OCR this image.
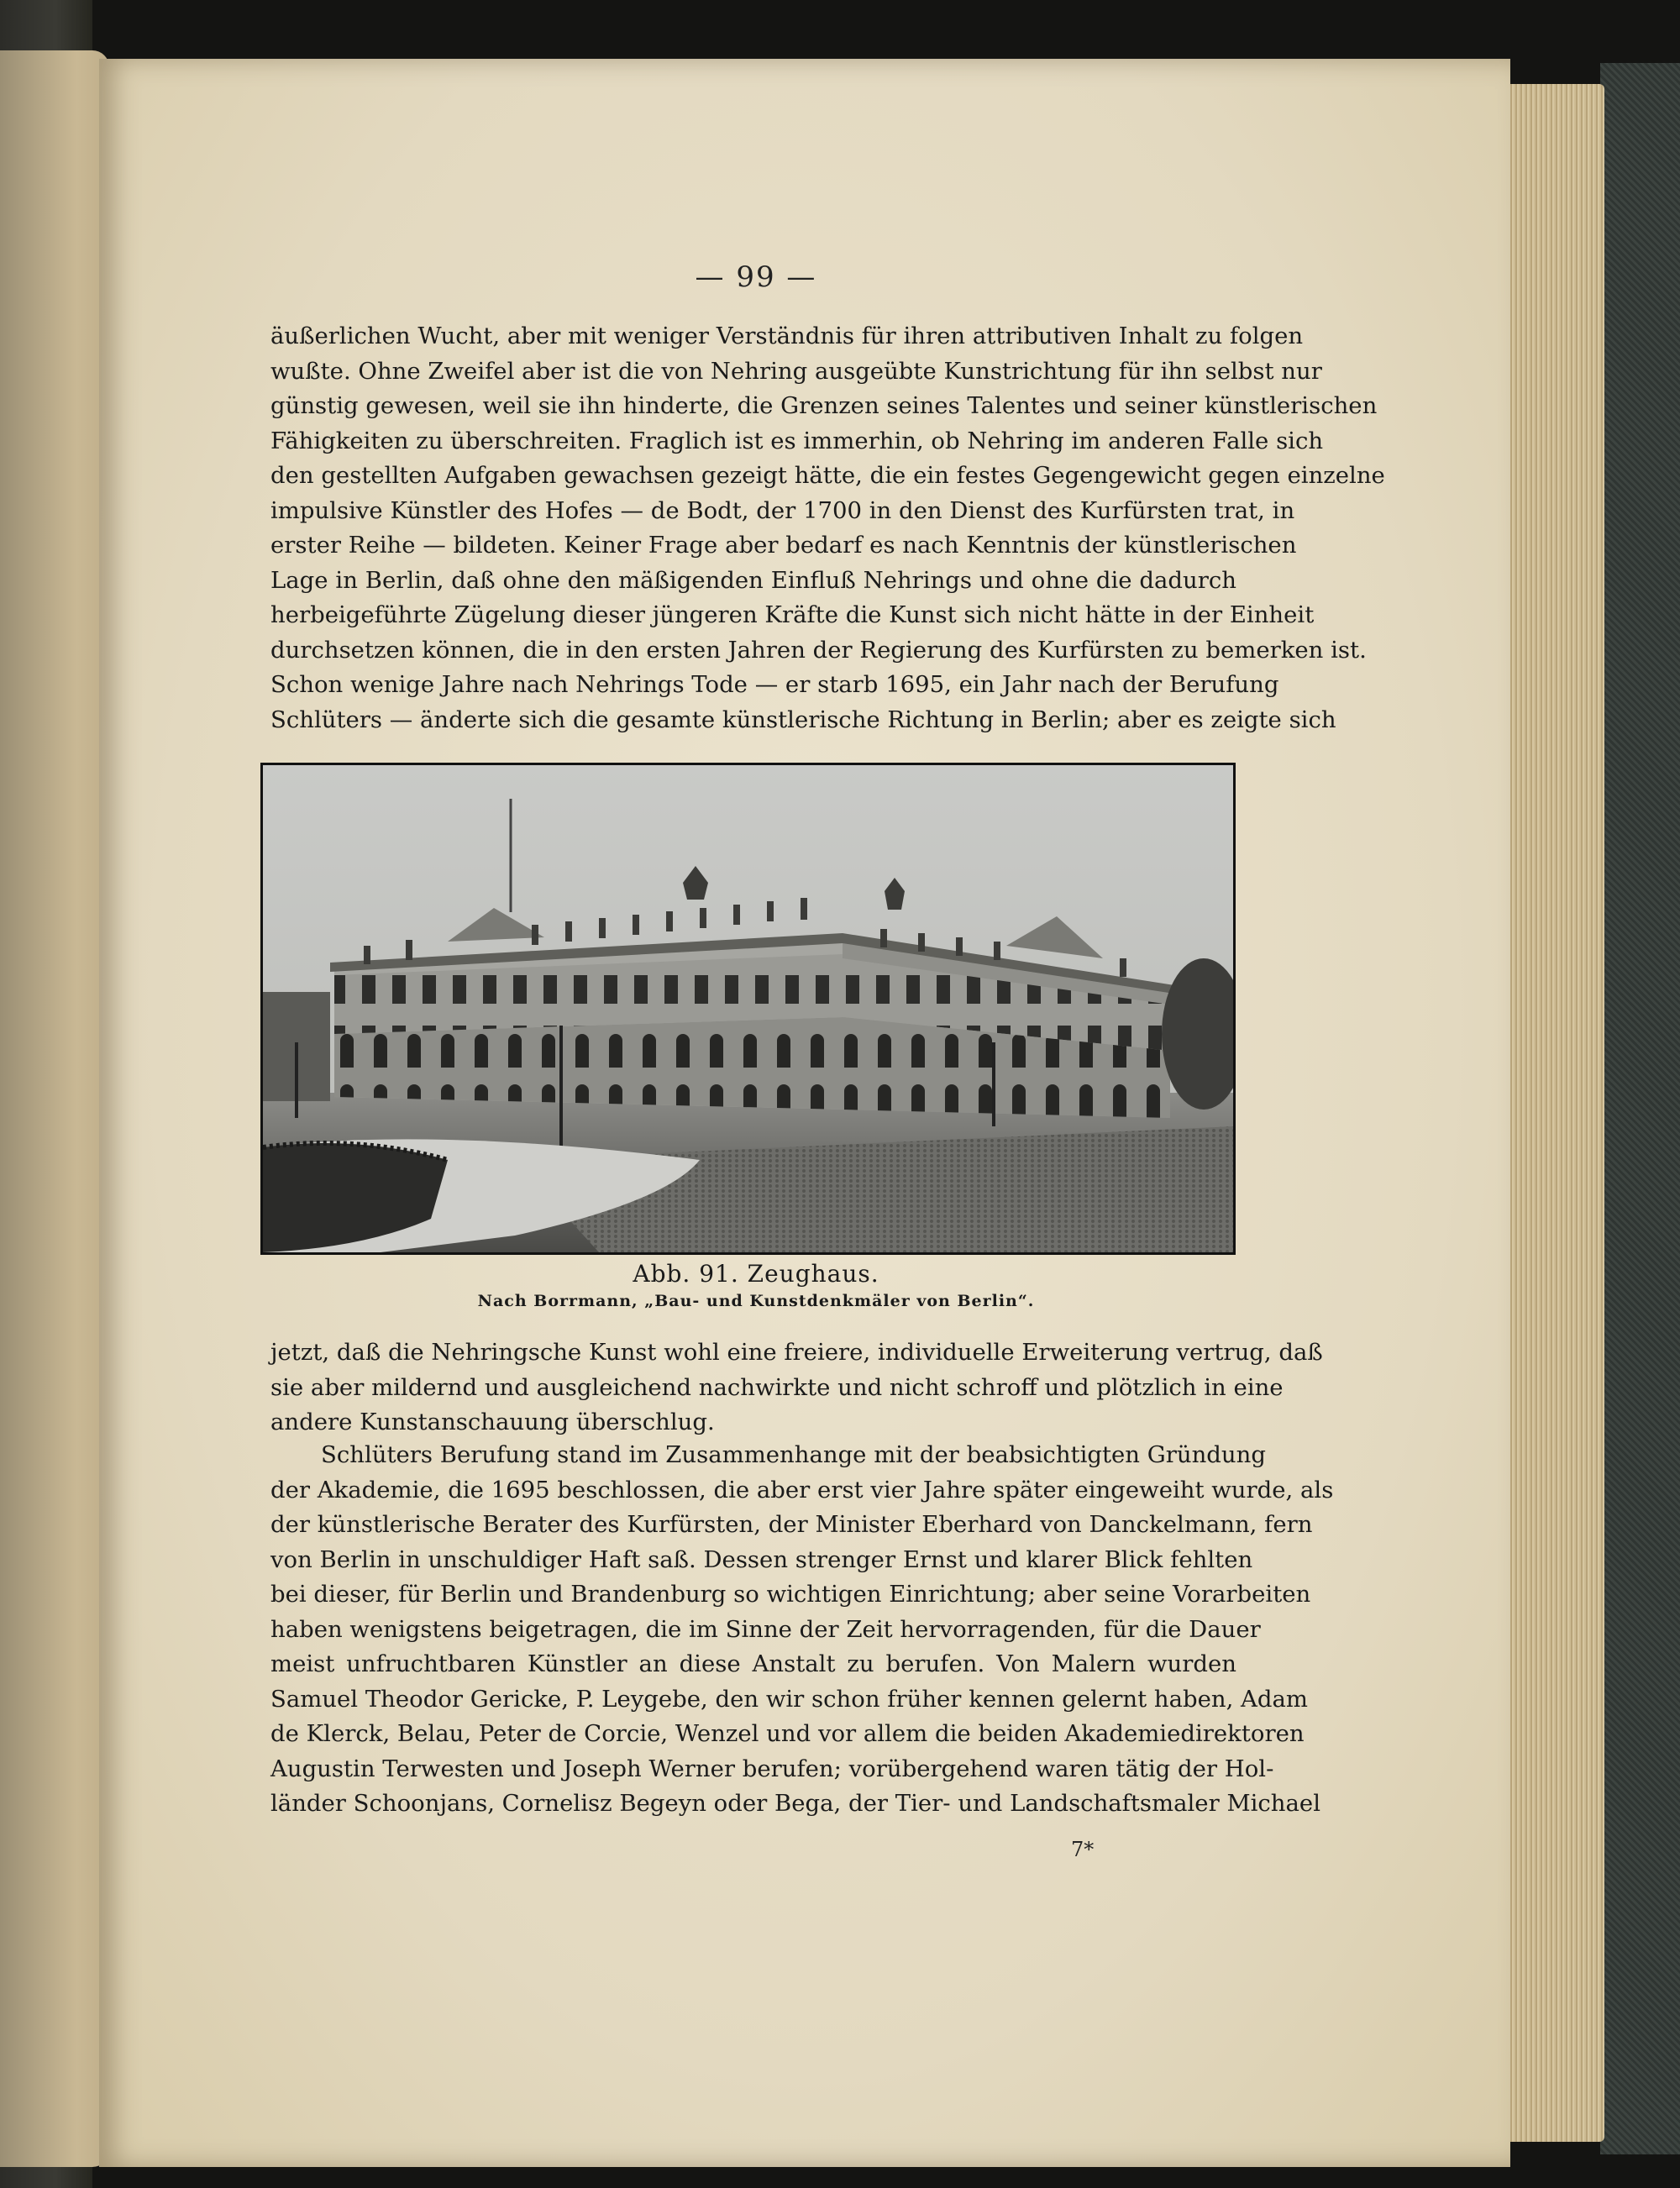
— 99 —
äußerlichen Wucht, aber mit weniger Verständnis für ihren attributiven Inhalt zu folgen
wußte. Ohne Zweifel aber ist die von Nehring ausgeübte Kunstrichtung für ihn selbst nur
günstig gewesen, weil sie ihn hinderte, die Grenzen seines Talentes und seiner künstlerischen
Fähigkeiten zu überschreiten. Fraglich ist es immerhin, ob Nehring im anderen Falle sich
den gestellten Aufgaben gewachsen gezeigt hätte, die ein festes Gegengewicht gegen einzelne
impulsive Künstler des Hofes — de Bodt, der 1700 in den Dienst des Kurfürsten trat, in
erster Reihe — bildeten. Keiner Frage aber bedarf es nach Kenntnis der künstlerischen
Lage in Berlin, daß ohne den mäßigenden Einfluß Nehrings und ohne die dadurch
herbeigeführte Zügelung dieser jüngeren Kräfte die Kunst sich nicht hätte in der Einheit
durchsetzen können, die in den ersten Jahren der Regierung des Kurfürsten zu bemerken ist.
Schon wenige Jahre nach Nehrings Tode — er starb 1695, ein Jahr nach der Berufung
Schlüters — änderte sich die gesamte künstlerische Richtung in Berlin; aber es zeigte sich
Abb. 91. Zeughaus.
Nach Borrmann, „Bau- und Kunstdenkmäler von Berlin“.
jetzt, daß die Nehringsche Kunst wohl eine freiere, individuelle Erweiterung vertrug, daß
sie aber mildernd und ausgleichend nachwirkte und nicht schroff und plötzlich in eine
andere Kunstanschauung überschlug.
Schlüters Berufung stand im Zusammenhange mit der beabsichtigten Gründung
der Akademie, die 1695 beschlossen, die aber erst vier Jahre später eingeweiht wurde, als
der künstlerische Berater des Kurfürsten, der Minister Eberhard von Danckelmann, fern
von Berlin in unschuldiger Haft saß. Dessen strenger Ernst und klarer Blick fehlten
bei dieser, für Berlin und Brandenburg so wichtigen Einrichtung; aber seine Vorarbeiten
haben wenigstens beigetragen, die im Sinne der Zeit hervorragenden, für die Dauer
meist unfruchtbaren Künstler an diese Anstalt zu berufen. Von Malern wurden
Samuel Theodor Gericke, P. Leygebe, den wir schon früher kennen gelernt haben, Adam
de Klerck, Belau, Peter de Corcie, Wenzel und vor allem die beiden Akademiedirektoren
Augustin Terwesten und Joseph Werner berufen; vorübergehend waren tätig der Hol-
länder Schoonjans, Cornelisz Begeyn oder Bega, der Tier- und Landschaftsmaler Michael
7*
